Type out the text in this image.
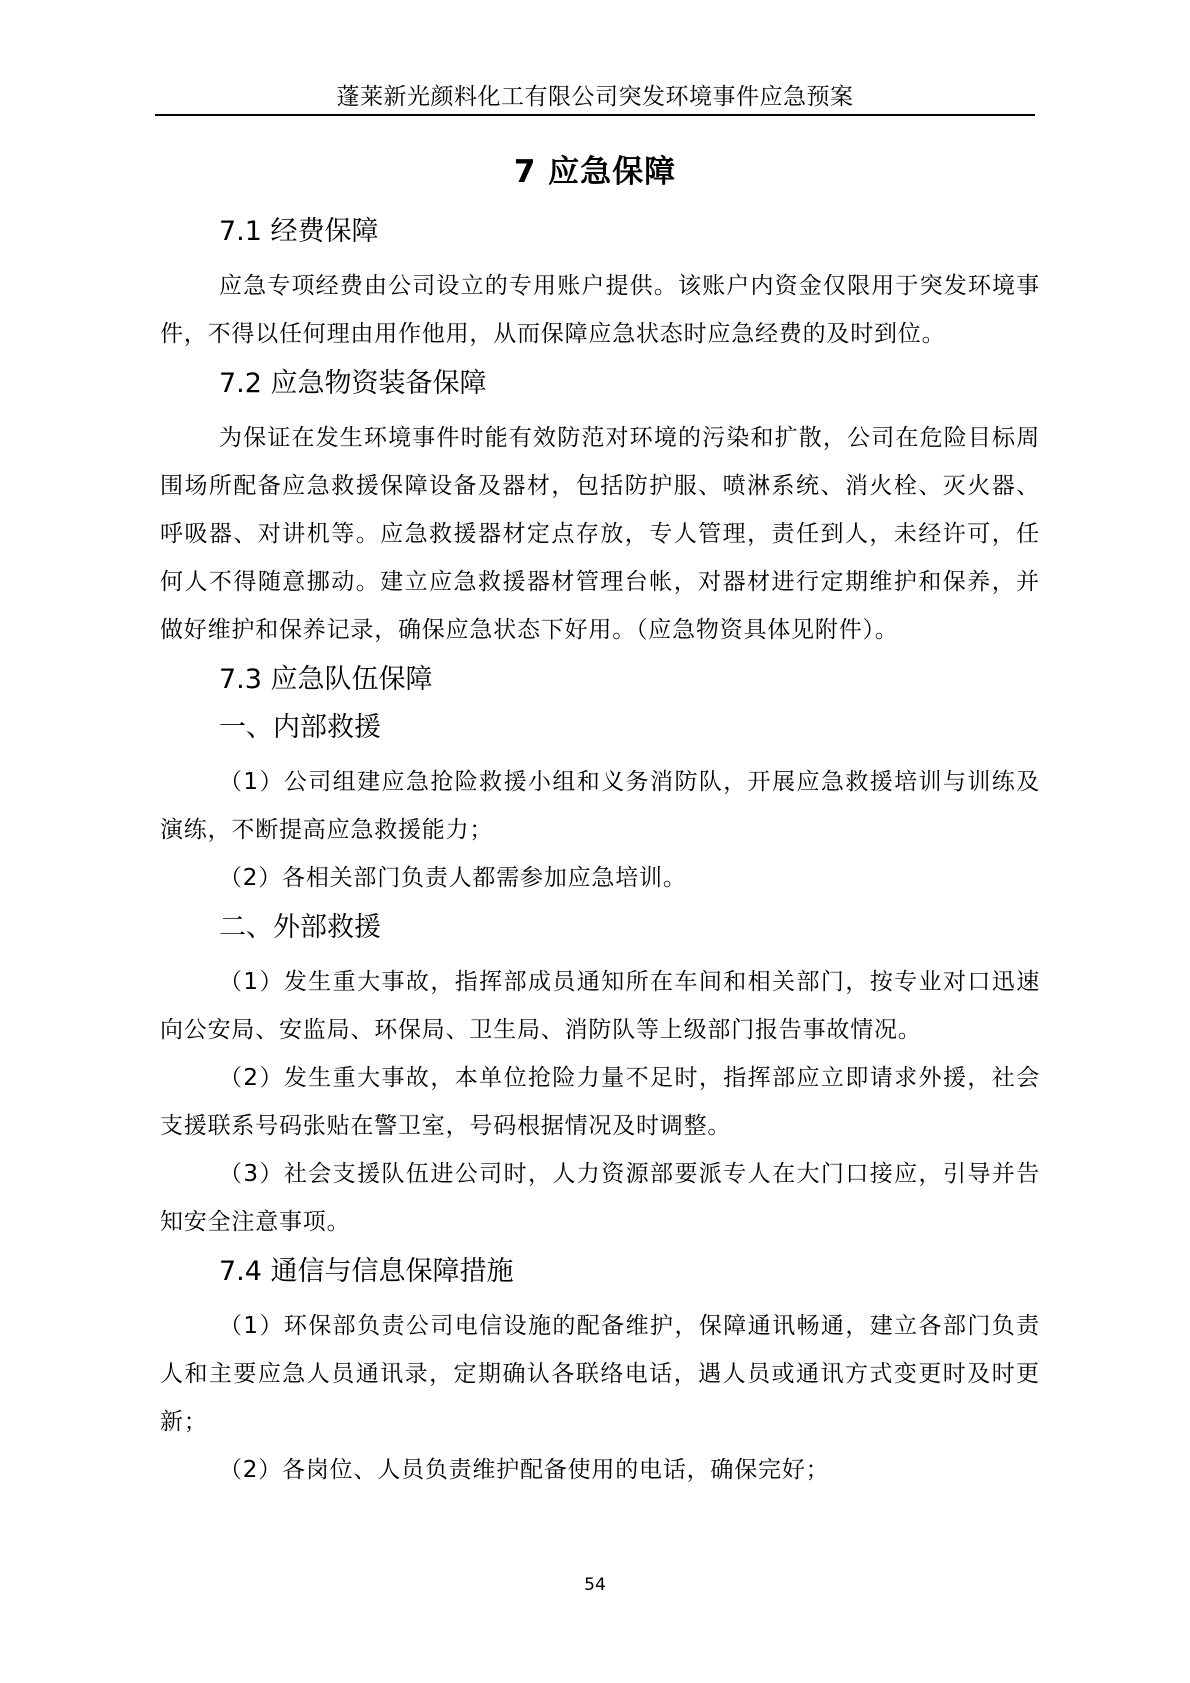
蓬莱新光颜料化工有限公司突发环境事件应急预案
7 应急保障
7.1 经费保障

应急专项经费由公司设立的专用账户提供。该账户内资金仅限用于突发环境事件，不得以任何理由用作他用，从而保障应急状态时应急经费的及时到位。

7.2 应急物资装备保障

为保证在发生环境事件时能有效防范对环境的污染和扩散，公司在危险目标周围场所配备应急救援保障设备及器材，包括防护服、喷淋系统、消火栓、灭火器、呼吸器、对讲机等。应急救援器材定点存放，专人管理，责任到人，未经许可，任何人不得随意挪动。建立应急救援器材管理台帐，对器材进行定期维护和保养，并做好维护和保养记录，确保应急状态下好用。（应急物资具体见附件）。

7.3 应急队伍保障
一、内部救援

（1）公司组建应急抢险救援小组和义务消防队，开展应急救援培训与训练及演练，不断提高应急救援能力；

（2）各相关部门负责人都需参加应急培训。

二、外部救援

（1）发生重大事故，指挥部成员通知所在车间和相关部门，按专业对口迅速向公安局、安监局、环保局、卫生局、消防队等上级部门报告事故情况。

（2）发生重大事故，本单位抢险力量不足时，指挥部应立即请求外援，社会支援联系号码张贴在警卫室，号码根据情况及时调整。

（3）社会支援队伍进公司时，人力资源部要派专人在大门口接应，引导并告知安全注意事项。

7.4 通信与信息保障措施

（1）环保部负责公司电信设施的配备维护，保障通讯畅通，建立各部门负责人和主要应急人员通讯录，定期确认各联络电话，遇人员或通讯方式变更时及时更新；

（2）各岗位、人员负责维护配备使用的电话，确保完好；

54
